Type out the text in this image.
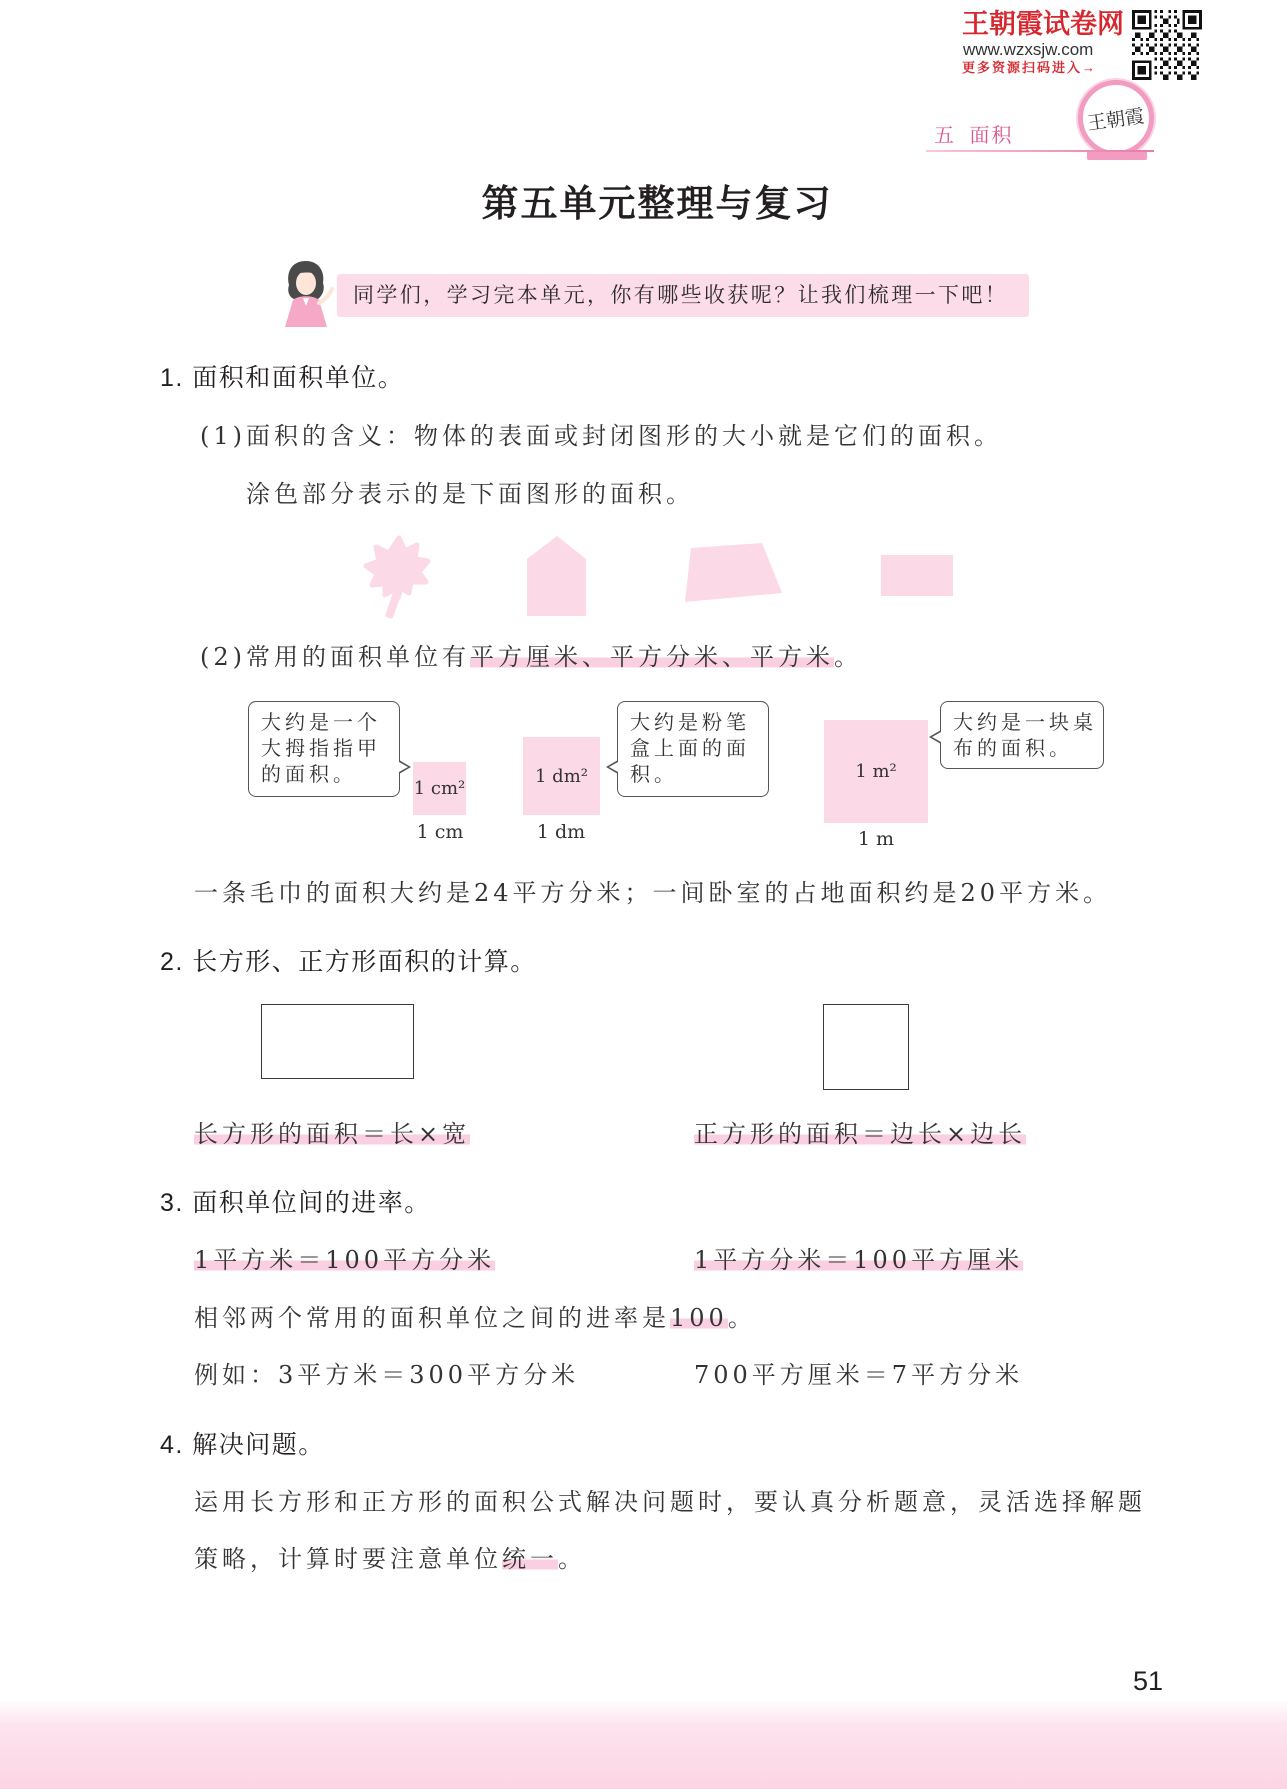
王朝霞试卷网
www.wzxsjw.com
更多资源扫码进入→
王朝霞
五 面积
第五单元整理与复习
同学们，学习完本单元，你有哪些收获呢？让我们梳理一下吧！
1. 面积和面积单位。
(1)面积的含义：物体的表面或封闭图形的大小就是它们的面积。
涂色部分表示的是下面图形的面积。
(2)常用的面积单位有平方厘米、平方分米、平方米。
大约是一个
大拇指指甲
的面积。
1 cm²
1 cm
1 dm²
1 dm
大约是粉笔
盒上面的面
积。	1 m²
1 m
大约是一块桌
布的面积。
一条毛巾的面积大约是24平方分米；一间卧室的占地面积约是20平方米。
2. 长方形、正方形面积的计算。
长方形的面积＝长×宽	正方形的面积＝边长×边长
3. 面积单位间的进率。
1平方米＝100平方分米	1平方分米＝100平方厘米
相邻两个常用的面积单位之间的进率是100。
例如：3平方米＝300平方分米	700平方厘米＝7平方分米
4. 解决问题。
运用长方形和正方形的面积公式解决问题时，要认真分析题意，灵活选择解题
策略，计算时要注意单位统一。
51
